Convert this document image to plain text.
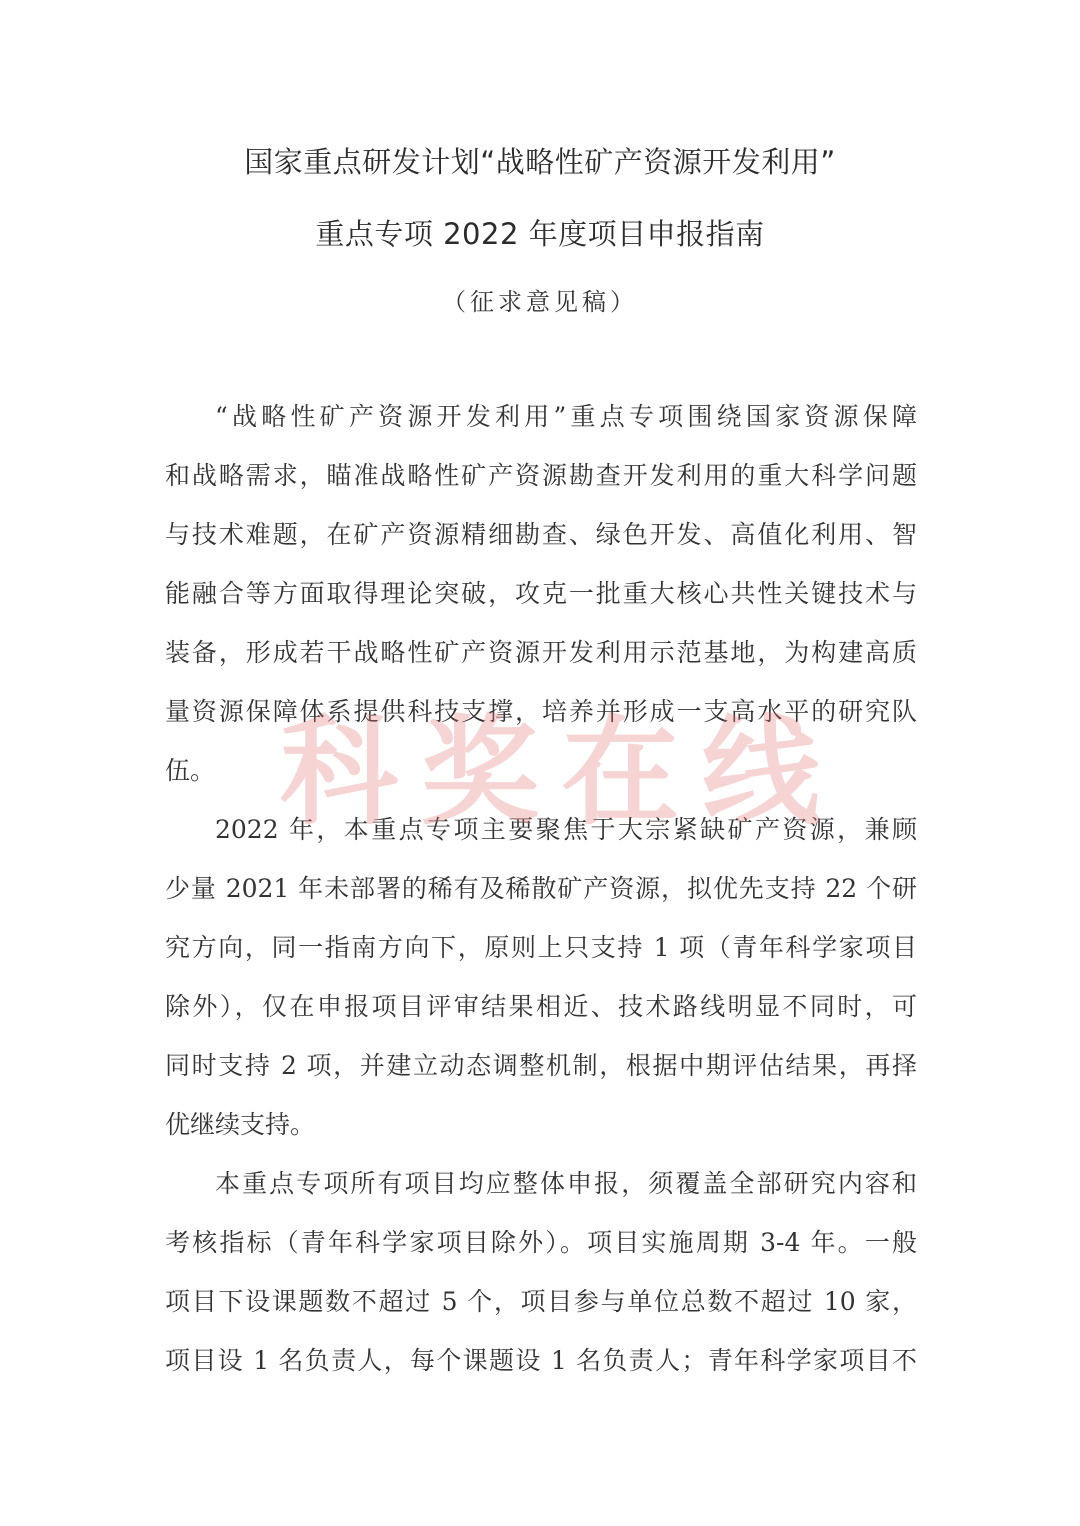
国家重点研发计划“战略性矿产资源开发利用”
重点专项 2022 年度项目申报指南
（征求意见稿）
“战略性矿产资源开发利用”重点专项围绕国家资源保障
和战略需求，瞄准战略性矿产资源勘查开发利用的重大科学问题
与技术难题，在矿产资源精细勘查、绿色开发、高值化利用、智
能融合等方面取得理论突破，攻克一批重大核心共性关键技术与
装备，形成若干战略性矿产资源开发利用示范基地，为构建高质
量资源保障体系提供科技支撑，培养并形成一支高水平的研究队
伍。
2022 年，本重点专项主要聚焦于大宗紧缺矿产资源，兼顾
少量 2021 年未部署的稀有及稀散矿产资源，拟优先支持 22 个研
究方向，同一指南方向下，原则上只支持 1 项（青年科学家项目
除外），仅在申报项目评审结果相近、技术路线明显不同时，可
同时支持 2 项，并建立动态调整机制，根据中期评估结果，再择
优继续支持。
本重点专项所有项目均应整体申报，须覆盖全部研究内容和
考核指标（青年科学家项目除外）。项目实施周期 3-4 年。一般
项目下设课题数不超过 5 个，项目参与单位总数不超过 10 家，
项目设 1 名负责人，每个课题设 1 名负责人；青年科学家项目不
科 奖 在 线
